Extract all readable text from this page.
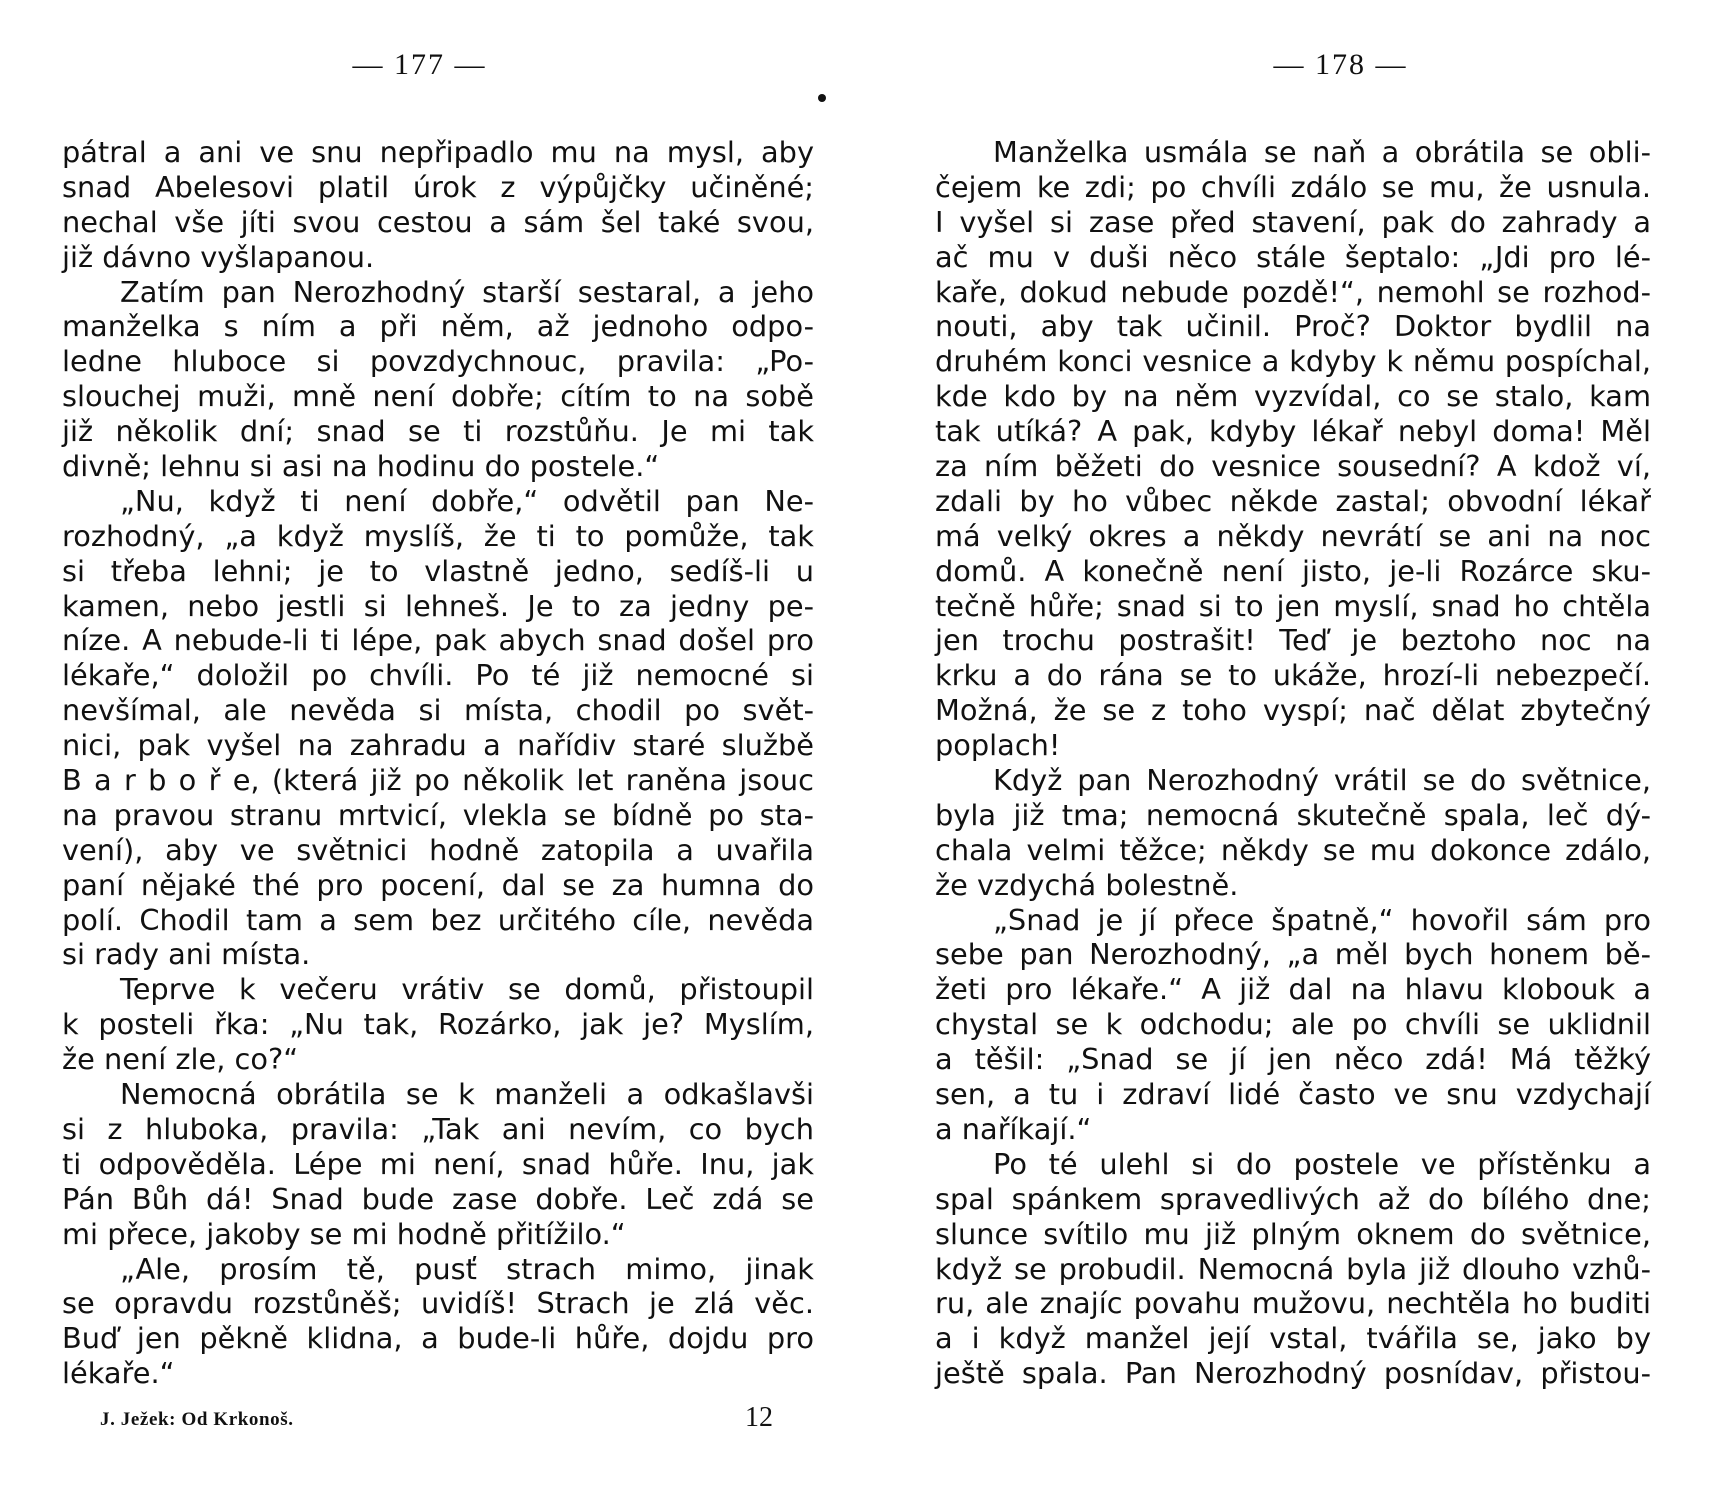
— 177 —
pátral a ani ve snu nepřipadlo mu na mysl, aby
snad Abelesovi platil úrok z výpůjčky učiněné;
nechal vše jíti svou cestou a sám šel také svou,
již dávno vyšlapanou.
Zatím pan Nerozhodný starší sestaral, a jeho
manželka s ním a při něm, až jednoho odpo-
ledne hluboce si povzdychnouc, pravila: „Po-
slouchej muži, mně není dobře; cítím to na sobě
již několik dní; snad se ti rozstůňu. Je mi tak
divně; lehnu si asi na hodinu do postele.“
„Nu, když ti není dobře,“ odvětil pan Ne-
rozhodný, „a když myslíš, že ti to pomůže, tak
si třeba lehni; je to vlastně jedno, sedíš-li u
kamen, nebo jestli si lehneš. Je to za jedny pe-
níze. A nebude-li ti lépe, pak abych snad došel pro
lékaře,“ doložil po chvíli. Po té již nemocné si
nevšímal, ale nevěda si místa, chodil po svět-
nici, pak vyšel na zahradu a nařídiv staré službě
B a r b o ř e, (která již po několik let raněna jsouc
na pravou stranu mrtvicí, vlekla se bídně po sta-
vení), aby ve světnici hodně zatopila a uvařila
paní nějaké thé pro pocení, dal se za humna do
polí. Chodil tam a sem bez určitého cíle, nevěda
si rady ani místa.
Teprve k večeru vrátiv se domů, přistoupil
k posteli řka: „Nu tak, Rozárko, jak je? Myslím,
že není zle, co?“
Nemocná obrátila se k manželi a odkašlavši
si z hluboka, pravila: „Tak ani nevím, co bych
ti odpověděla. Lépe mi není, snad hůře. Inu, jak
Pán Bůh dá! Snad bude zase dobře. Leč zdá se
mi přece, jakoby se mi hodně přitížilo.“
„Ale, prosím tě, pusť strach mimo, jinak
se opravdu rozstůněš; uvidíš! Strach je zlá věc.
Buď jen pěkně klidna, a bude-li hůře, dojdu pro
lékaře.“
J. Ježek: Od Krkonoš.	12
— 178 —
Manželka usmála se naň a obrátila se obli-
čejem ke zdi; po chvíli zdálo se mu, že usnula.
I vyšel si zase před stavení, pak do zahrady a
ač mu v duši něco stále šeptalo: „Jdi pro lé-
kaře, dokud nebude pozdě!“, nemohl se rozhod-
nouti, aby tak učinil. Proč? Doktor bydlil na
druhém konci vesnice a kdyby k němu pospíchal,
kde kdo by na něm vyzvídal, co se stalo, kam
tak utíká? A pak, kdyby lékař nebyl doma! Měl
za ním běžeti do vesnice sousední? A kdož ví,
zdali by ho vůbec někde zastal; obvodní lékař
má velký okres a někdy nevrátí se ani na noc
domů. A konečně není jisto, je-li Rozárce sku-
tečně hůře; snad si to jen myslí, snad ho chtěla
jen trochu postrašit! Teď je beztoho noc na
krku a do rána se to ukáže, hrozí-li nebezpečí.
Možná, že se z toho vyspí; nač dělat zbytečný
poplach!
Když pan Nerozhodný vrátil se do světnice,
byla již tma; nemocná skutečně spala, leč dý-
chala velmi těžce; někdy se mu dokonce zdálo,
že vzdychá bolestně.
„Snad je jí přece špatně,“ hovořil sám pro
sebe pan Nerozhodný, „a měl bych honem bě-
žeti pro lékaře.“ A již dal na hlavu klobouk a
chystal se k odchodu; ale po chvíli se uklidnil
a těšil: „Snad se jí jen něco zdá! Má těžký
sen, a tu i zdraví lidé často ve snu vzdychají
a naříkají.“
Po té ulehl si do postele ve přístěnku a
spal spánkem spravedlivých až do bílého dne;
slunce svítilo mu již plným oknem do světnice,
když se probudil. Nemocná byla již dlouho vzhů-
ru, ale znajíc povahu mužovu, nechtěla ho buditi
a i když manžel její vstal, tvářila se, jako by
ještě spala. Pan Nerozhodný posnídav, přistou-
